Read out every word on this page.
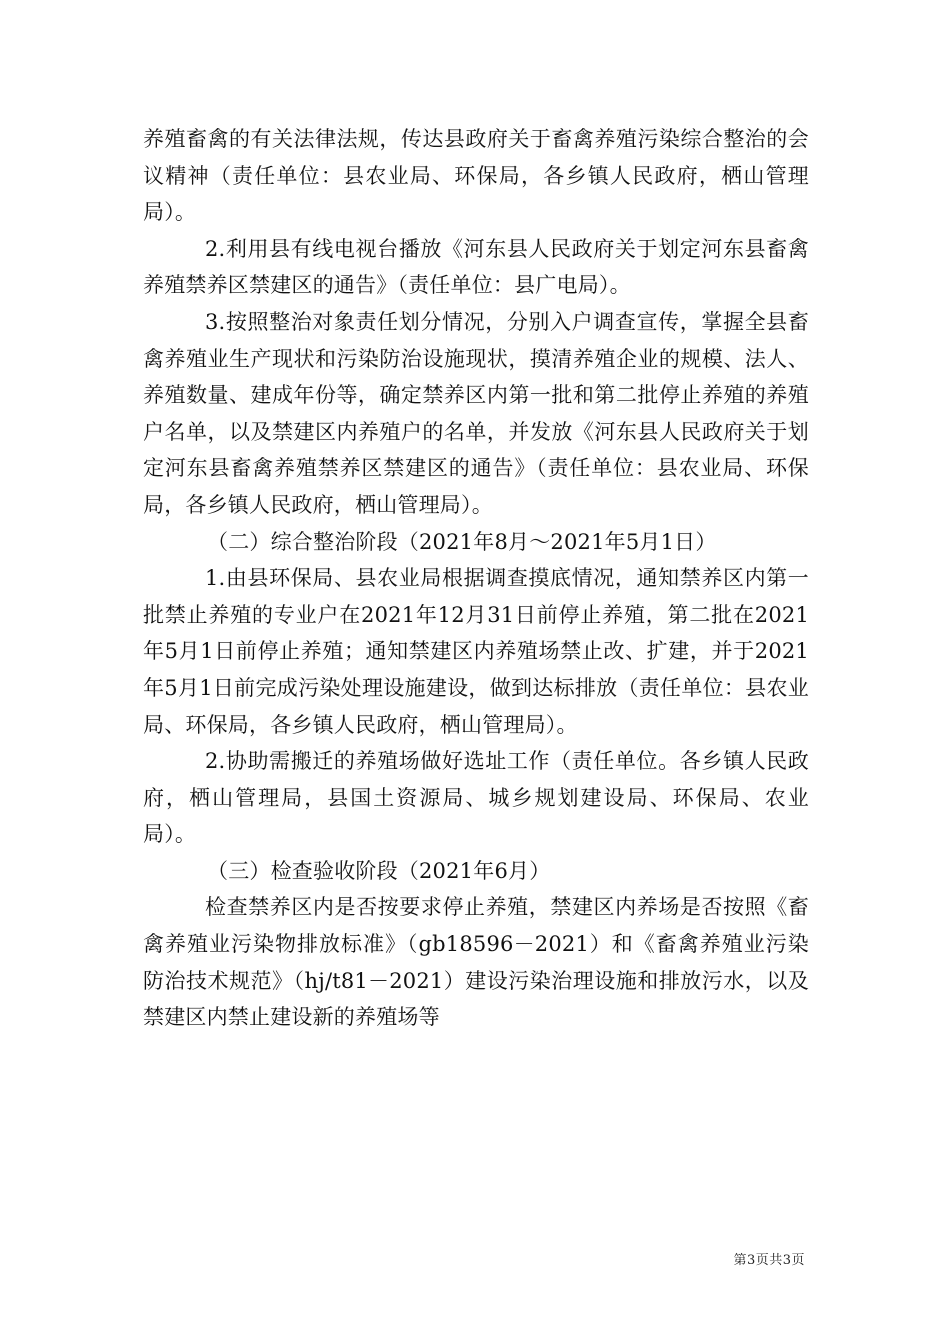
养殖畜禽的有关法律法规，传达县政府关于畜禽养殖污染综合整治的会议精神（责任单位：县农业局、环保局，各乡镇人民政府，栖山管理局）。

2.利用县有线电视台播放《河东县人民政府关于划定河东县畜禽养殖禁养区禁建区的通告》（责任单位：县广电局）。

3.按照整治对象责任划分情况，分别入户调查宣传，掌握全县畜禽养殖业生产现状和污染防治设施现状，摸清养殖企业的规模、法人、养殖数量、建成年份等，确定禁养区内第一批和第二批停止养殖的养殖户名单，以及禁建区内养殖户的名单，并发放《河东县人民政府关于划定河东县畜禽养殖禁养区禁建区的通告》（责任单位：县农业局、环保局，各乡镇人民政府，栖山管理局）。

（二）综合整治阶段（2021年8月～2021年5月1日）

1.由县环保局、县农业局根据调查摸底情况，通知禁养区内第一批禁止养殖的专业户在2021年12月31日前停止养殖，第二批在2021年5月1日前停止养殖；通知禁建区内养殖场禁止改、扩建，并于2021年5月1日前完成污染处理设施建设，做到达标排放（责任单位：县农业局、环保局，各乡镇人民政府，栖山管理局）。

2.协助需搬迁的养殖场做好选址工作（责任单位。各乡镇人民政府，栖山管理局，县国土资源局、城乡规划建设局、环保局、农业局）。

（三）检查验收阶段（2021年6月）

检查禁养区内是否按要求停止养殖，禁建区内养场是否按照《畜禽养殖业污染物排放标准》（gb18596－2021）和《畜禽养殖业污染防治技术规范》（hj/t81－2021）建设污染治理设施和排放污水，以及禁建区内禁止建设新的养殖场等

第3页共3页
